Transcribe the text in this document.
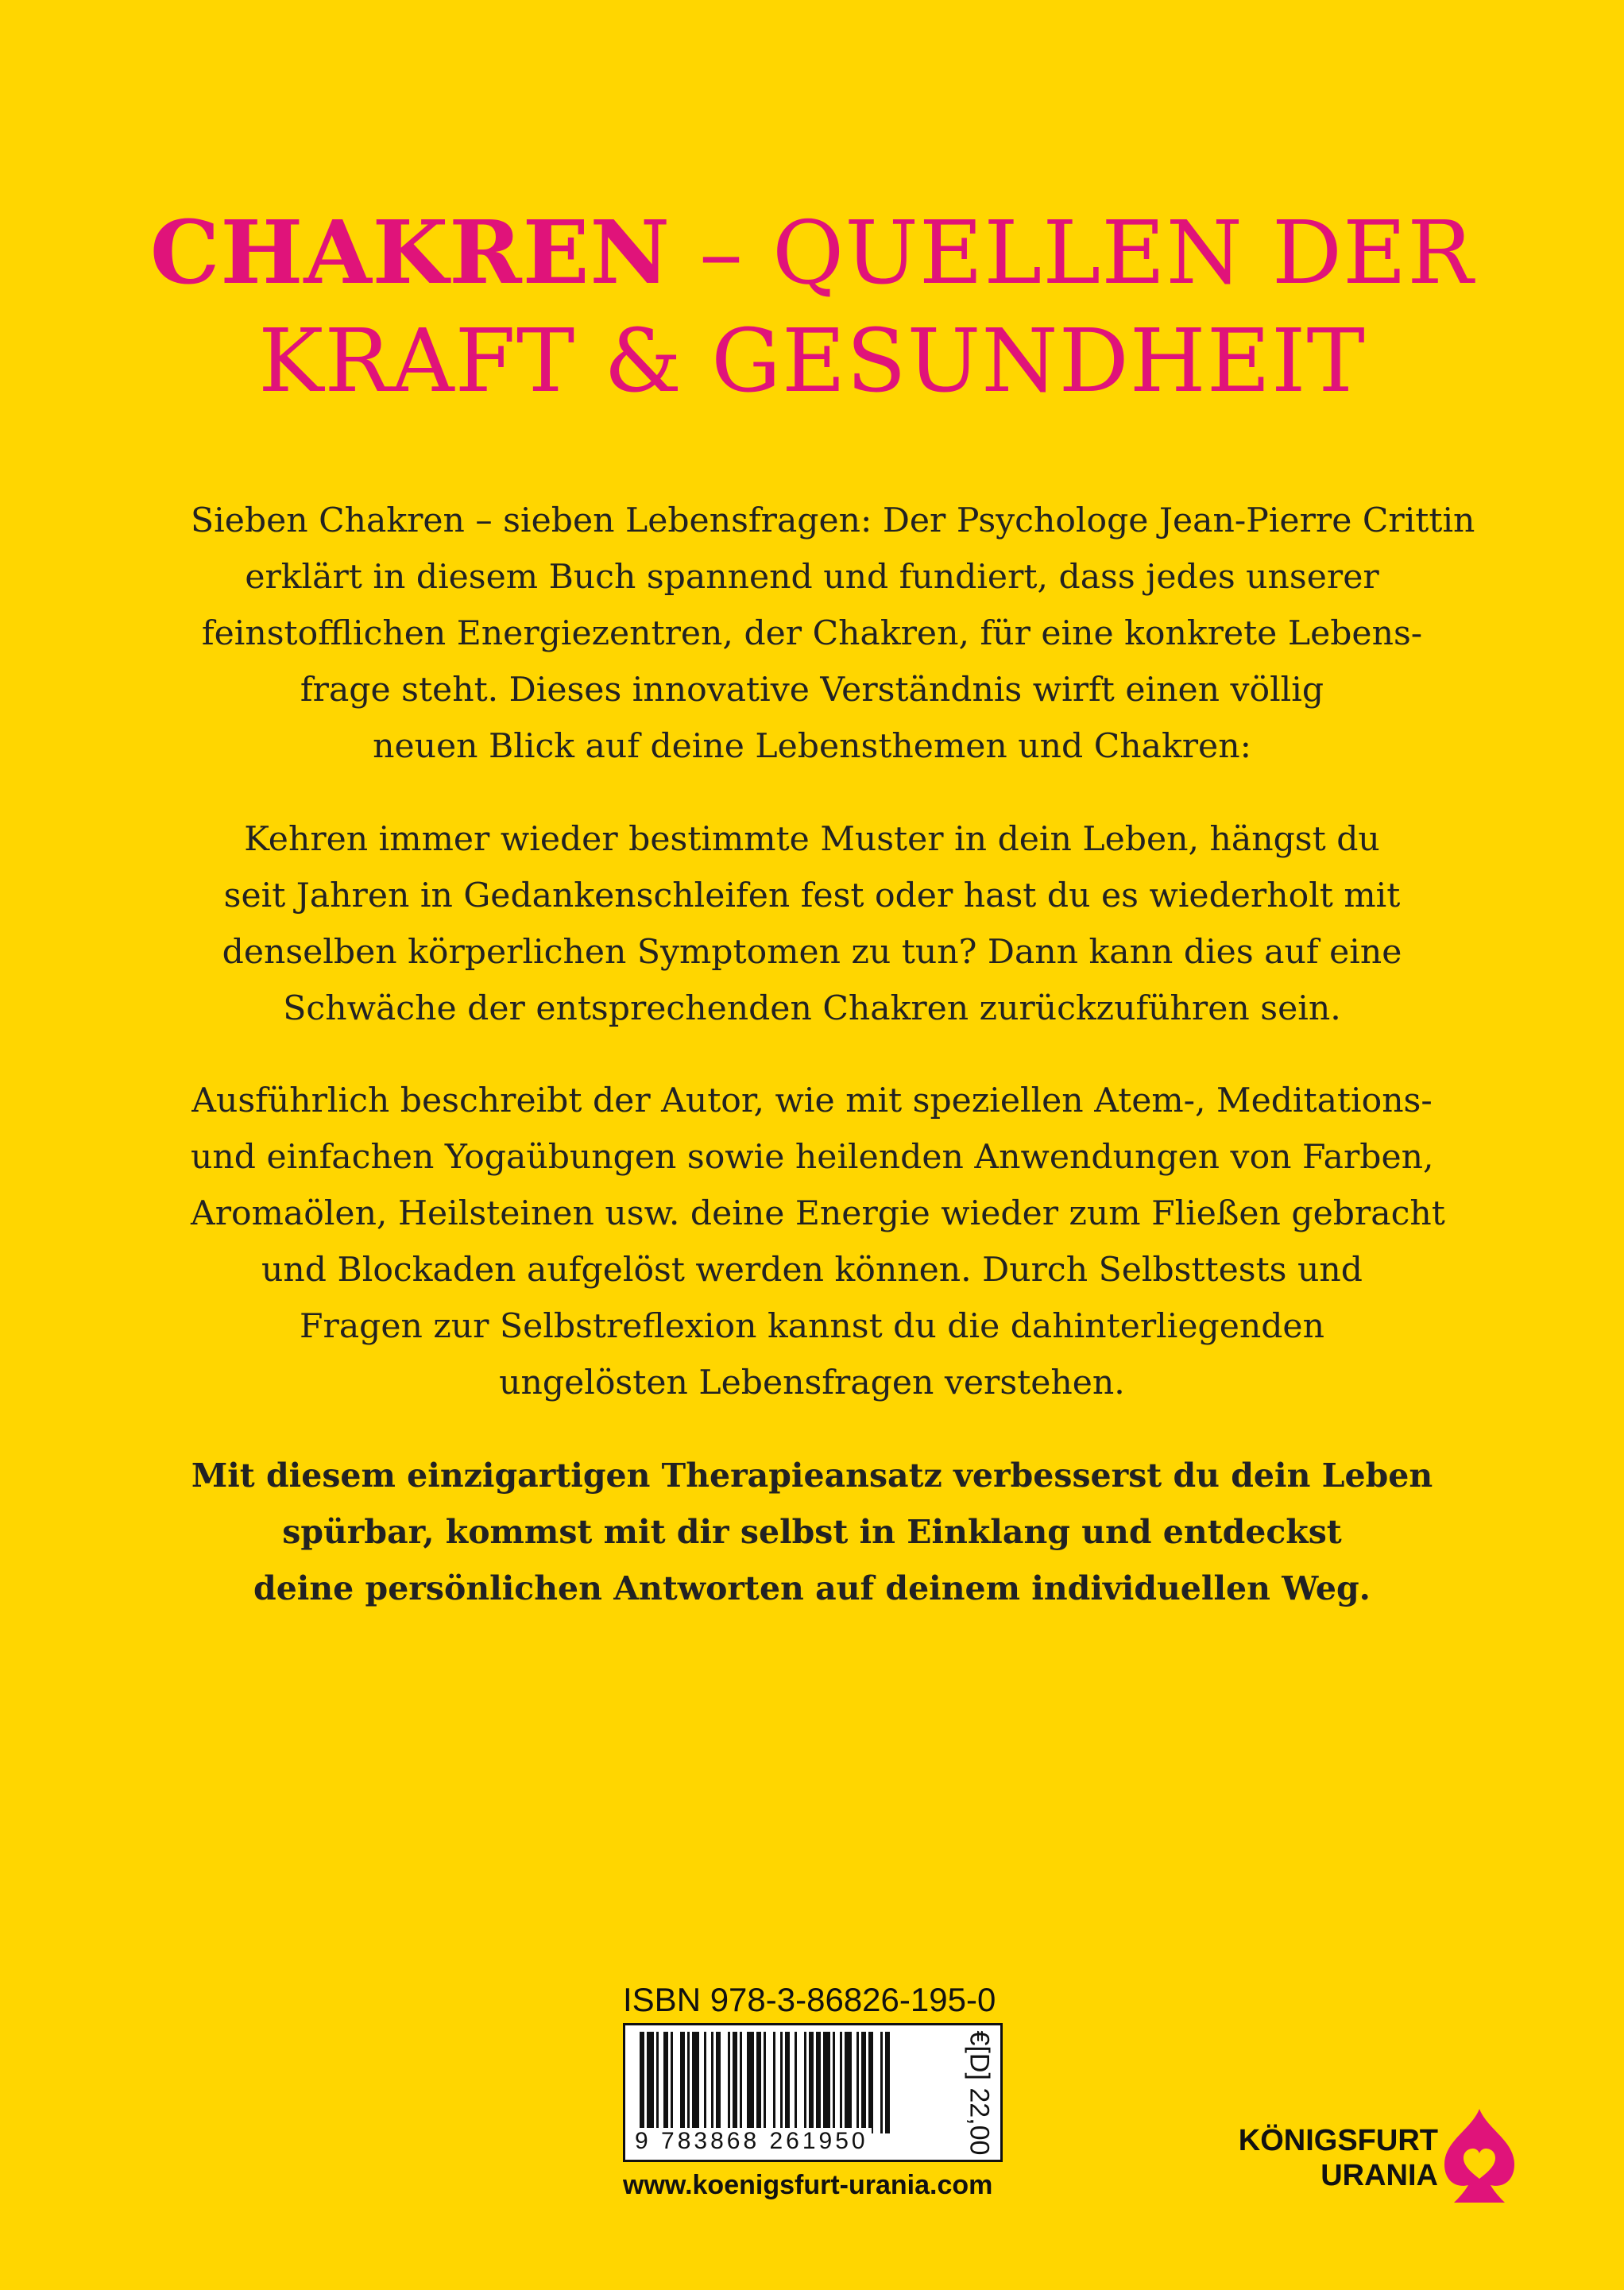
CHAKREN – QUELLEN DER
KRAFT & GESUNDHEIT

Sieben Chakren – sieben Lebensfragen: Der Psychologe Jean-Pierre Crittin
erklärt in diesem Buch spannend und fundiert, dass jedes unserer
feinstofflichen Energiezentren, der Chakren, für eine konkrete Lebens-
frage steht. Dieses innovative Verständnis wirft einen völlig
neuen Blick auf deine Lebensthemen und Chakren:

Kehren immer wieder bestimmte Muster in dein Leben, hängst du
seit Jahren in Gedankenschleifen fest oder hast du es wiederholt mit
denselben körperlichen Symptomen zu tun? Dann kann dies auf eine
Schwäche der entsprechenden Chakren zurückzuführen sein.

Ausführlich beschreibt der Autor, wie mit speziellen Atem-, Meditations-
und einfachen Yogaübungen sowie heilenden Anwendungen von Farben,
Aromaölen, Heilsteinen usw. deine Energie wieder zum Fließen gebracht
und Blockaden aufgelöst werden können. Durch Selbsttests und
Fragen zur Selbstreflexion kannst du die dahinterliegenden
ungelösten Lebensfragen verstehen.

Mit diesem einzigartigen Therapieansatz verbesserst du dein Leben
spürbar, kommst mit dir selbst in Einklang und entdeckst
deine persönlichen Antworten auf deinem individuellen Weg.

ISBN 978-3-86826-195-0
9 783868 261950	€[D] 22,00
www.koenigsfurt-urania.com
KÖNIGSFURT
URANIA
